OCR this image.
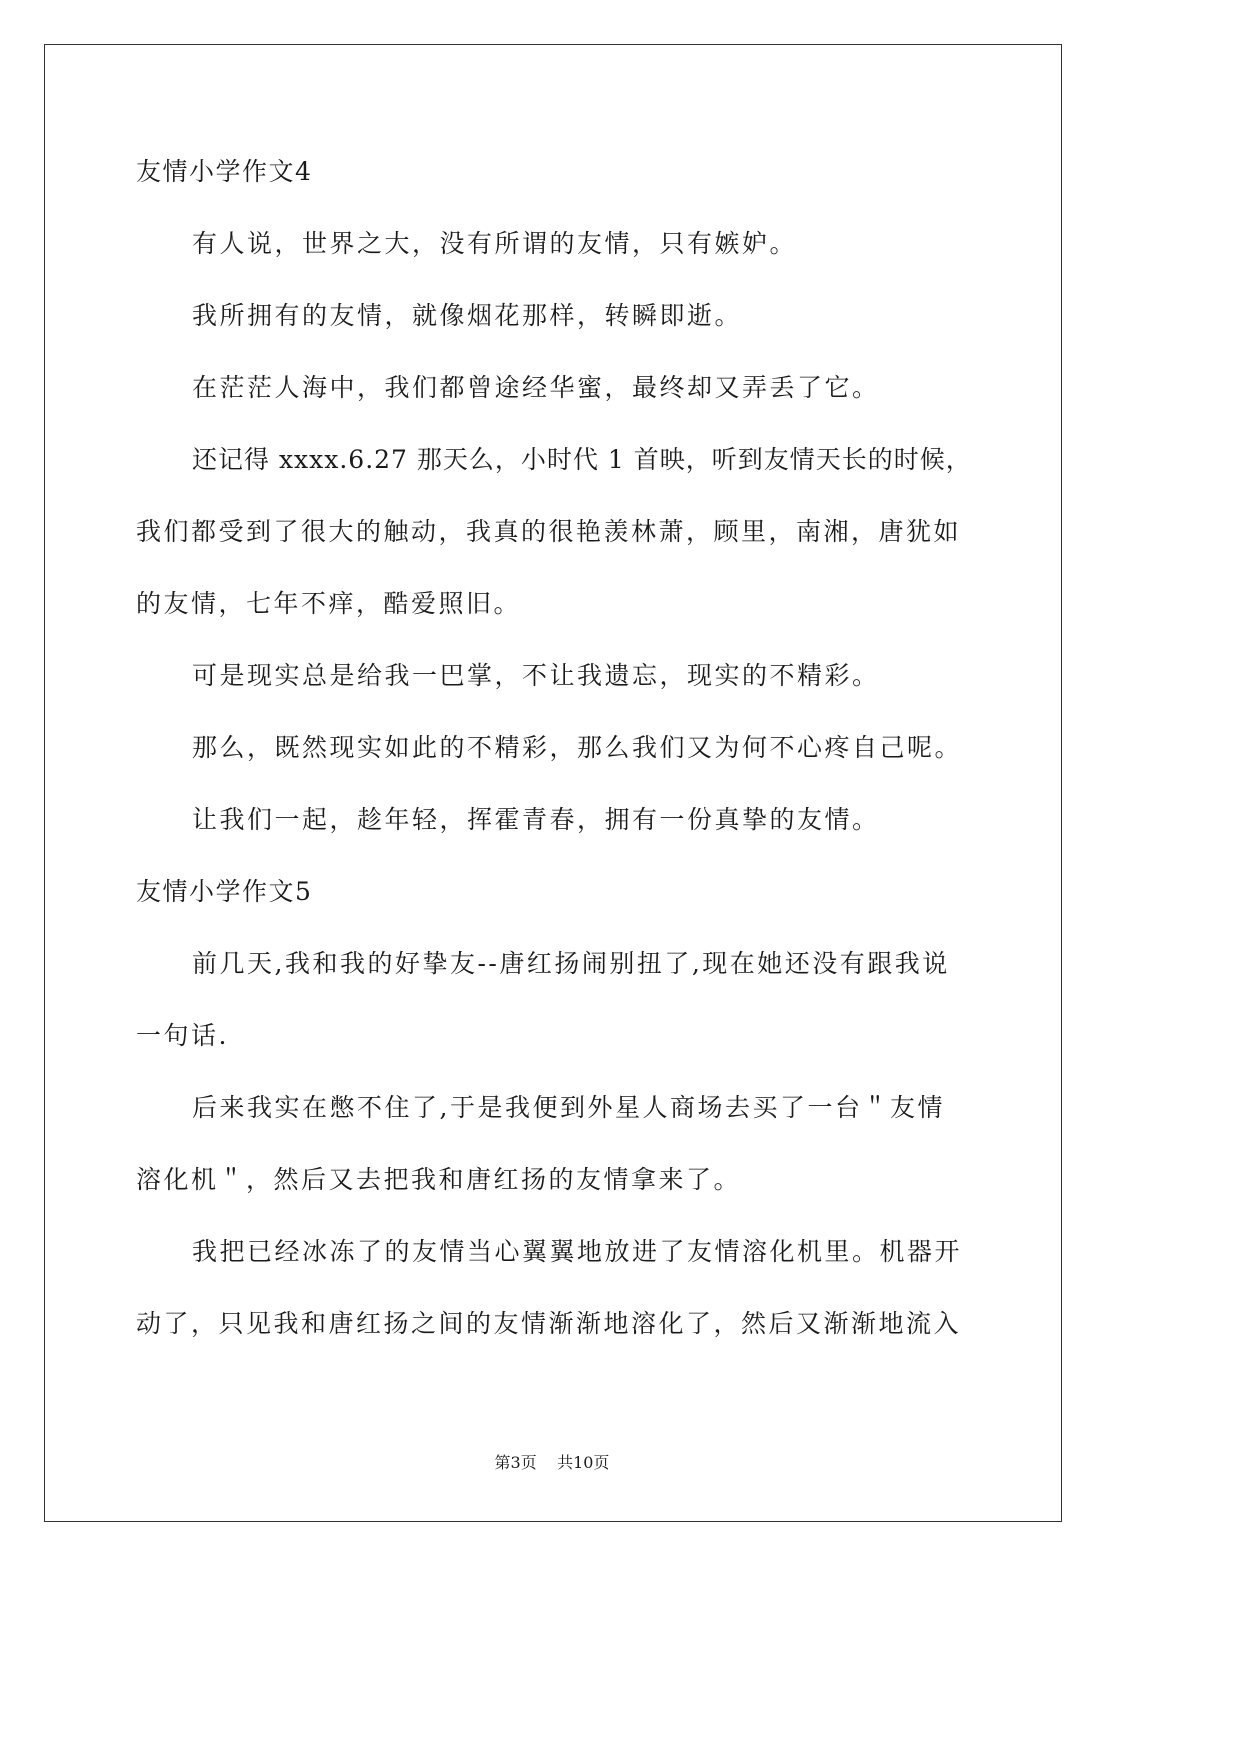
友情小学作文4
有人说，世界之大，没有所谓的友情，只有嫉妒。
我所拥有的友情，就像烟花那样，转瞬即逝。
在茫茫人海中，我们都曾途经华蜜，最终却又弄丢了它。
还记得 xxxx.6.27 那天么，小时代 1 首映，听到友情天长的时候，
我们都受到了很大的触动，我真的很艳羡林萧，顾里，南湘，唐犹如
的友情，七年不痒，酷爱照旧。
可是现实总是给我一巴掌，不让我遗忘，现实的不精彩。
那么，既然现实如此的不精彩，那么我们又为何不心疼自己呢。
让我们一起，趁年轻，挥霍青春，拥有一份真挚的友情。
友情小学作文5
前几天,我和我的好挚友--唐红扬闹别扭了,现在她还没有跟我说
一句话.
后来我实在憋不住了,于是我便到外星人商场去买了一台＂友情
溶化机＂，然后又去把我和唐红扬的友情拿来了。
我把已经冰冻了的友情当心翼翼地放进了友情溶化机里。机器开
动了，只见我和唐红扬之间的友情渐渐地溶化了，然后又渐渐地流入
第3页    共10页
